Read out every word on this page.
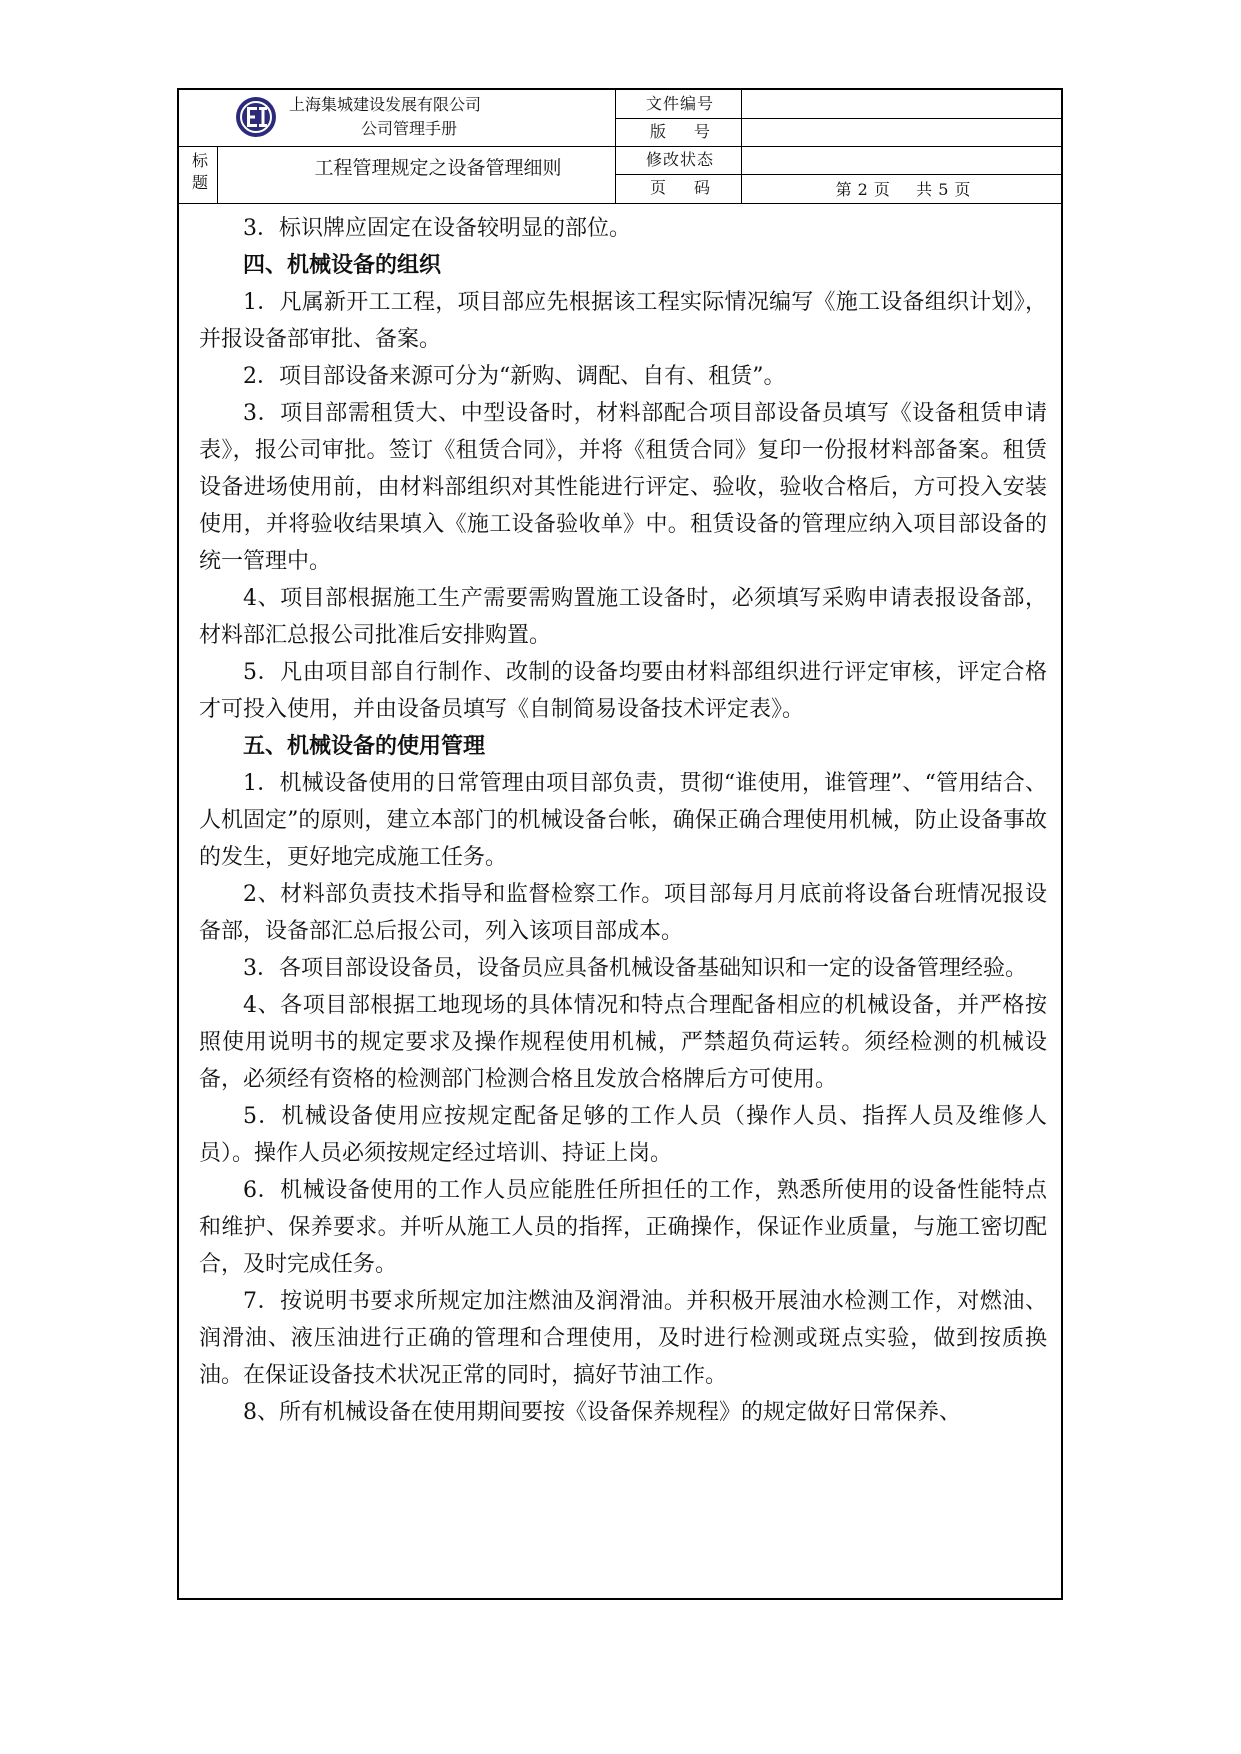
上海集城建设发展有限公司
公司管理手册
标题
工程管理规定之设备管理细则
文件编号
版号
修改状态
页码	第 2 页 共 5 页

3．标识牌应固定在设备较明显的部位。

四、机械设备的组织

1．凡属新开工工程，项目部应先根据该工程实际情况编写《施工设备组织计划》，并报设备部审批、备案。

2．项目部设备来源可分为“新购、调配、自有、租赁”。

3．项目部需租赁大、中型设备时，材料部配合项目部设备员填写《设备租赁申请表》，报公司审批。签订《租赁合同》，并将《租赁合同》复印一份报材料部备案。租赁设备进场使用前，由材料部组织对其性能进行评定、验收，验收合格后，方可投入安装使用，并将验收结果填入《施工设备验收单》中。租赁设备的管理应纳入项目部设备的统一管理中。

4、项目部根据施工生产需要需购置施工设备时，必须填写采购申请表报设备部，材料部汇总报公司批准后安排购置。

5．凡由项目部自行制作、改制的设备均要由材料部组织进行评定审核，评定合格才可投入使用，并由设备员填写《自制简易设备技术评定表》。

五、机械设备的使用管理

1．机械设备使用的日常管理由项目部负责，贯彻“谁使用，谁管理”、“管用结合、人机固定”的原则，建立本部门的机械设备台帐，确保正确合理使用机械，防止设备事故的发生，更好地完成施工任务。

2、材料部负责技术指导和监督检察工作。项目部每月月底前将设备台班情况报设备部，设备部汇总后报公司，列入该项目部成本。

3．各项目部设设备员，设备员应具备机械设备基础知识和一定的设备管理经验。

4、各项目部根据工地现场的具体情况和特点合理配备相应的机械设备，并严格按照使用说明书的规定要求及操作规程使用机械，严禁超负荷运转。须经检测的机械设备，必须经有资格的检测部门检测合格且发放合格牌后方可使用。

5．机械设备使用应按规定配备足够的工作人员（操作人员、指挥人员及维修人员）。操作人员必须按规定经过培训、持证上岗。

6．机械设备使用的工作人员应能胜任所担任的工作，熟悉所使用的设备性能特点和维护、保养要求。并听从施工人员的指挥，正确操作，保证作业质量，与施工密切配合，及时完成任务。

7．按说明书要求所规定加注燃油及润滑油。并积极开展油水检测工作，对燃油、润滑油、液压油进行正确的管理和合理使用，及时进行检测或斑点实验，做到按质换油。在保证设备技术状况正常的同时，搞好节油工作。

8、所有机械设备在使用期间要按《设备保养规程》的规定做好日常保养、
